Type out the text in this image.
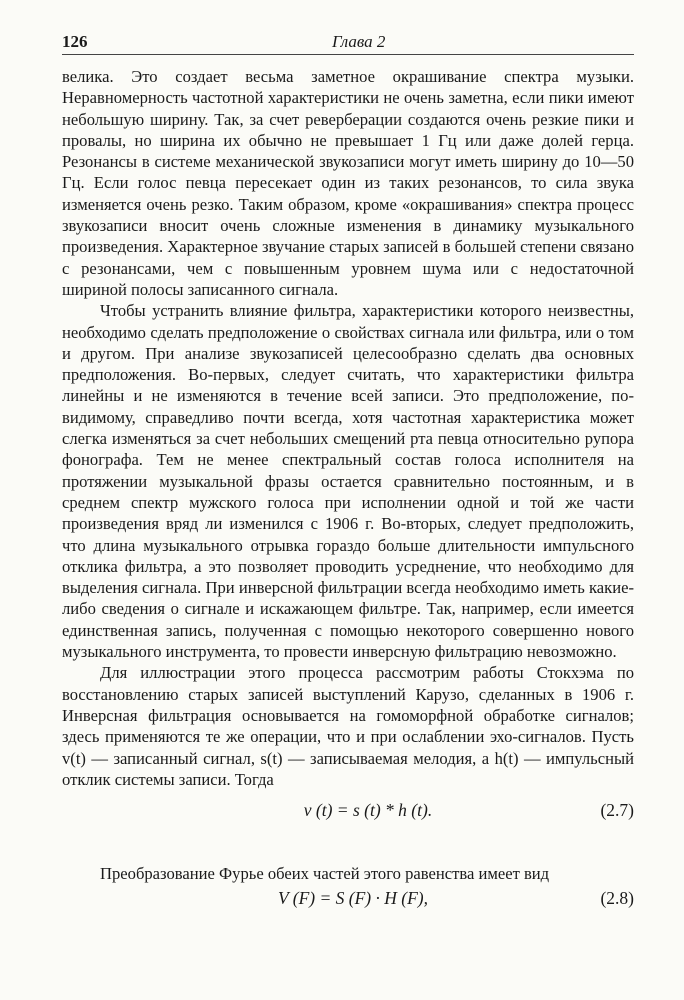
126	Глава 2

велика. Это создает весьма заметное окрашивание спектра музыки. Неравномерность частотной характеристики не очень заметна, если пики имеют небольшую ширину. Так, за счет реверберации создаются очень резкие пики и провалы, но ширина их обычно не превышает 1 Гц или даже долей герца. Резонансы в системе механической звукозаписи могут иметь ширину до 10—50 Гц. Если голос певца пересекает один из таких резонансов, то сила звука изменяется очень резко. Таким образом, кроме «окрашивания» спектра процесс звукозаписи вносит очень сложные изменения в динамику музыкального произведения. Характерное звучание старых записей в большей степени связано с резонансами, чем с повышенным уровнем шума или с недостаточной шириной полосы записанного сигнала.

Чтобы устранить влияние фильтра, характеристики которого неизвестны, необходимо сделать предположение о свойствах сигнала или фильтра, или о том и другом. При анализе звукозаписей целесообразно сделать два основных предположения. Во-первых, следует считать, что характеристики фильтра линейны и не изменяются в течение всей записи. Это предположение, по-видимому, справедливо почти всегда, хотя частотная характеристика может слегка изменяться за счет небольших смещений рта певца относительно рупора фонографа. Тем не менее спектральный состав голоса исполнителя на протяжении музыкальной фразы остается сравнительно постоянным, и в среднем спектр мужского голоса при исполнении одной и той же части произведения вряд ли изменился с 1906 г. Во-вторых, следует предположить, что длина музыкального отрывка гораздо больше длительности импульсного отклика фильтра, а это позволяет проводить усреднение, что необходимо для выделения сигнала. При инверсной фильтрации всегда необходимо иметь какие-либо сведения о сигнале и искажающем фильтре. Так, например, если имеется единственная запись, полученная с помощью некоторого совершенно нового музыкального инструмента, то провести инверсную фильтрацию невозможно.

Для иллюстрации этого процесса рассмотрим работы Стокхэма по восстановлению старых записей выступлений Карузо, сделанных в 1906 г. Инверсная фильтрация основывается на гомоморфной обработке сигналов; здесь применяются те же операции, что и при ослаблении эхо-сигналов. Пусть v(t) — записанный сигнал, s(t) — записываемая мелодия, а h(t) — импульсный отклик системы записи. Тогда

v (t) = s (t) * h (t).	(2.7)

Преобразование Фурье обеих частей этого равенства имеет вид

V (F) = S (F) · H (F),	(2.8)
